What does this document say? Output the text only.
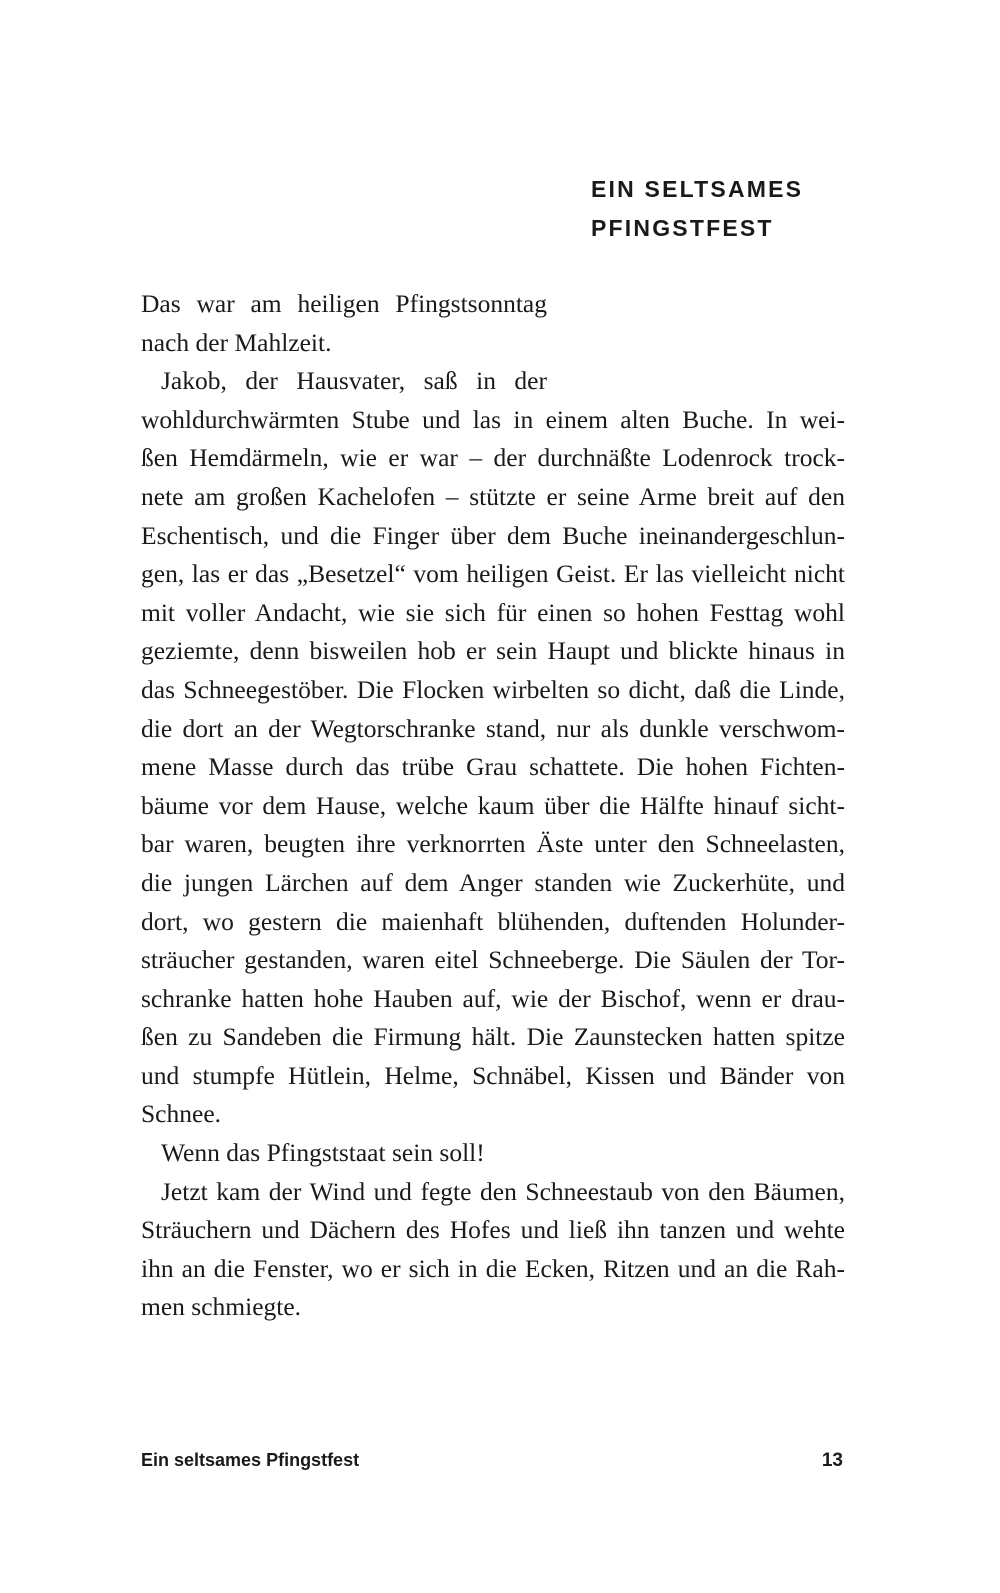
EIN SELTSAMES
PFINGSTFEST
Das war am heiligen Pfingstsonntag
nach der Mahlzeit.
Jakob, der Hausvater, saß in der
wohldurchwärmten Stube und las in einem alten Buche. In wei-
ßen Hemdärmeln, wie er war – der durchnäßte Lodenrock trock-
nete am großen Kachelofen – stützte er seine Arme breit auf den
Eschentisch, und die Finger über dem Buche ineinandergeschlun-
gen, las er das „Besetzel“ vom heiligen Geist. Er las vielleicht nicht
mit voller Andacht, wie sie sich für einen so hohen Festtag wohl
geziemte, denn bisweilen hob er sein Haupt und blickte hinaus in
das Schneegestöber. Die Flocken wirbelten so dicht, daß die Linde,
die dort an der Wegtorschranke stand, nur als dunkle verschwom-
mene Masse durch das trübe Grau schattete. Die hohen Fichten-
bäume vor dem Hause, welche kaum über die Hälfte hinauf sicht-
bar waren, beugten ihre verknorrten Äste unter den Schneelasten,
die jungen Lärchen auf dem Anger standen wie Zuckerhüte, und
dort, wo gestern die maienhaft blühenden, duftenden Holunder-
sträucher gestanden, waren eitel Schneeberge. Die Säulen der Tor-
schranke hatten hohe Hauben auf, wie der Bischof, wenn er drau-
ßen zu Sandeben die Firmung hält. Die Zaunstecken hatten spitze
und stumpfe Hütlein, Helme, Schnäbel, Kissen und Bänder von
Schnee.
Wenn das Pfingststaat sein soll!
Jetzt kam der Wind und fegte den Schneestaub von den Bäumen,
Sträuchern und Dächern des Hofes und ließ ihn tanzen und wehte
ihn an die Fenster, wo er sich in die Ecken, Ritzen und an die Rah-
men schmiegte.

Ein seltsames Pfingstfest	13
